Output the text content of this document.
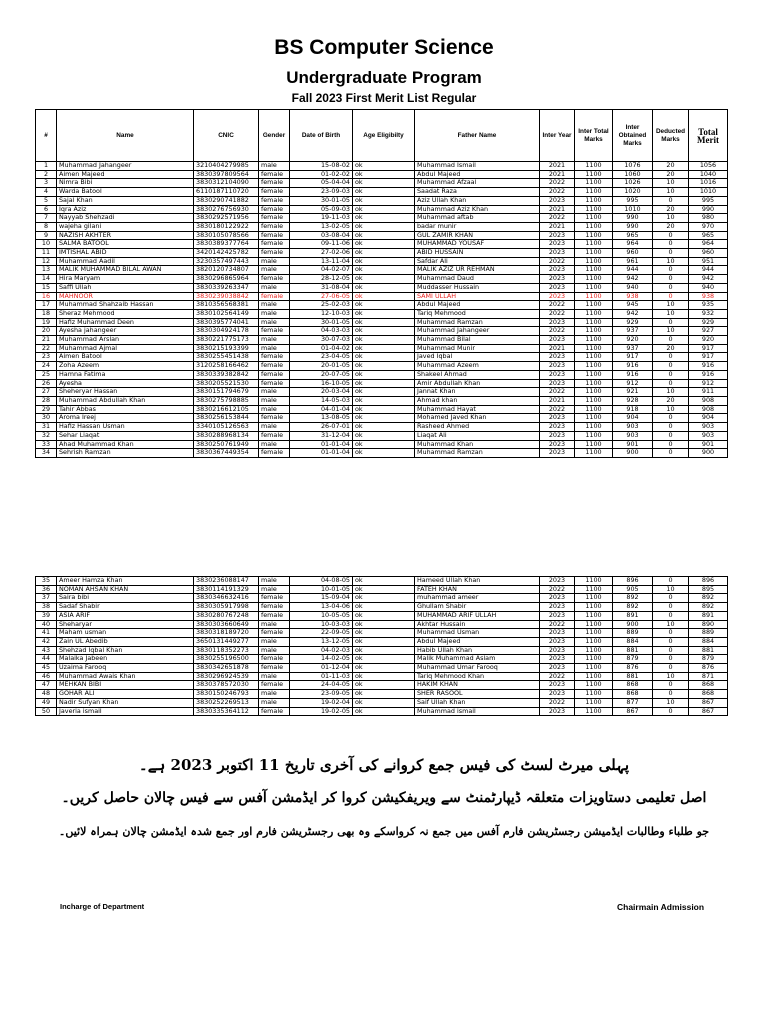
BS Computer Science
Undergraduate Program
Fall 2023 First Merit List Regular
#	Name	CNIC	Gender	Date of Birth	Age Eligibilty	Father Name	Inter Year	Inter Total Marks	Inter Obtained Marks	Deducted Marks	Total Merit
1	Muhammad Jahangeer	3210404279985	male	15-08-02	ok	Muhammad Ismail	2021	1100	1076	20	1056
2	Aimen Majeed	3830397809564	female	01-02-02	ok	Abdul Majeed	2021	1100	1060	20	1040
3	Nimra Bibi	3830312104090	female	05-04-04	ok	Muhammad Afzaal	2022	1100	1026	10	1016
4	Warda Batool	6110187110720	female	23-09-03	ok	Saadat Raza	2022	1100	1020	10	1010
5	Sajal Khan	3830290741882	female	30-01-05	ok	Aziz Ullah Khan	2023	1100	995	0	995
6	Iqra Aziz	3830276756930	female	05-09-03	ok	Muhammad Aziz Khan	2021	1100	1010	20	990
7	Nayyab Shehzadi	3830292571956	female	19-11-03	ok	Muhammad aftab	2022	1100	990	10	980
8	wajeha gilani	3830180122922	female	13-02-05	ok	badar munir	2021	1100	990	20	970
9	NAZISH AKHTER	3830105078566	female	03-08-04	ok	GUL ZAMIR KHAN	2023	1100	965	0	965
10	SALMA BATOOL	3830389377764	female	09-11-06	ok	MUHAMMAD YOUSAF	2023	1100	964	0	964
11	IMTISHAL ABID	3420142425782	female	27-02-06	ok	ABID HUSSAIN	2023	1100	960	0	960
12	Muhammad Aadil	3230357497443	male	13-11-04	ok	Safdar Ali	2022	1100	961	10	951
13	MALIK MUHAMMAD BILAL AWAN	3820120734807	male	04-02-07	ok	MALIK AZIZ UR REHMAN	2023	1100	944	0	944
14	Hira Maryam	3830296865964	female	28-12-05	ok	Muhammad Daud	2023	1100	942	0	942
15	Saffi Ullah	3830339263347	male	31-08-04	ok	Muddasser Hussain	2023	1100	940	0	940
16	MAHNOOR	3830239038842	female	27-06-05	ok	SAMI ULLAH	2023	1100	938	0	938
17	Muhammad Shahzaib Hassan	3810356568381	male	25-02-03	ok	Abdul Majeed	2022	1100	945	10	935
18	Sheraz Mehmood	3830102564149	male	12-10-03	ok	Tariq Mehmood	2022	1100	942	10	932
19	Hafiz Muhammad Deen	3830395774041	male	30-01-05	ok	Muhammad Ramzan	2023	1100	929	0	929
20	Ayesha jahangeer	3830304924178	female	04-03-03	ok	Muhammad Jahangeer	2022	1100	937	10	927
21	Muhammad Arslan	3830221775173	male	30-07-03	ok	Muhammad Bilal	2023	1100	920	0	920
22	Muhammad Ajmal	3830215193399	male	01-04-02	ok	Muhammad Munir	2021	1100	937	20	917
23	Aimen Batool	3830255451438	female	23-04-05	ok	Javed Iqbal	2023	1100	917	0	917
24	Zoha Azeem	3120258166462	female	20-01-05	ok	Muhammad Azeem	2023	1100	916	0	916
25	Hamna Fatima	3830339382842	female	20-07-05	ok	Shakeel Ahmad	2023	1100	916	0	916
26	Ayesha	3830205521530	female	16-10-05	ok	Amir Abdullah Khan	2023	1100	912	0	912
27	Sheheryar Hassan	3830151794679	male	20-03-04	ok	Jannat Khan	2022	1100	921	10	911
28	Muhammad Abdullah Khan	3830275798885	male	14-05-03	ok	Ahmad khan	2021	1100	928	20	908
29	Tahir Abbas	3830216612105	male	04-01-04	ok	Muhammad Hayat	2022	1100	918	10	908
30	Aroma Ireej	3830256153844	female	13-08-05	ok	Mohamed Javed Khan	2023	1100	904	0	904
31	Hafiz Hassan Usman	3340105126563	male	26-07-01	ok	Rasheed Ahmed	2023	1100	903	0	903
32	Sehar Liaqat	3830288968134	female	31-12-04	ok	Liaqat Ali	2023	1100	903	0	903
33	Ahad Muhammad Khan	3830250761949	male	01-01-04	ok	Muhammad Khan	2023	1100	901	0	901
34	Sehrish Ramzan	3830367449354	female	01-01-04	ok	Muhammad Ramzan	2023	1100	900	0	900
35	Ameer Hamza Khan	3830236088147	male	04-08-05	ok	Hameed Ullah Khan	2023	1100	896	0	896
36	NOMAN AHSAN KHAN	3830114191329	male	10-01-05	ok	FATEH KHAN	2022	1100	905	10	895
37	Saira bibi	3830346632416	female	15-09-04	ok	muhammad ameer	2023	1100	892	0	892
38	Sadaf Shabir	3830305917998	female	13-04-06	ok	Ghullam Shabir	2023	1100	892	0	892
39	ASIA ARIF	3830280767248	female	10-05-05	ok	MUHAMMAD ARIF ULLAH	2023	1100	891	0	891
40	Sheharyar	3830303660649	male	10-03-03	ok	Akhtar Hussain	2022	1100	900	10	890
41	Maham usman	3830318189720	female	22-09-05	ok	Muhammad Usman	2023	1100	889	0	889
42	Zain UL Abedib	3650131449277	male	13-12-05	ok	Abdul Majeed	2023	1100	884	0	884
43	Shehzad Iqbal Khan	3830118352273	male	04-02-03	ok	Habib Ullah Khan	2023	1100	881	0	881
44	Malaika Jabeen	3830255196500	female	14-02-05	ok	Malik Muhammad Aslam	2023	1100	879	0	879
45	Uzaima Farooq	3830342651878	female	01-12-04	ok	Muhammad Umar Farooq	2023	1100	876	0	876
46	Muhammad Awais Khan	3830296924539	male	01-11-03	ok	Tariq Mehmood Khan	2022	1100	881	10	871
47	MEHKAN BIBI	3830378572030	female	24-04-05	ok	HAKIM KHAN	2023	1100	868	0	868
48	GOHAR ALI	3830150246793	male	23-09-05	ok	SHER RASOOL	2023	1100	868	0	868
49	Nadir Sufyan Khan	3830252269513	male	19-02-04	ok	Saif Ullah Khan	2022	1100	877	10	867
50	Javeria ismail	3830335364112	female	19-02-05	ok	Muhammad ismail	2023	1100	867	0	867
پہلی میرٹ لسٹ کی فیس جمع کروانے کی آخری تاریخ 11 اکتوبر 2023 ہے۔
اصل تعلیمی دستاویزات متعلقہ ڈیپارٹمنٹ سے ویریفکیشن کروا کر ایڈمشن آفس سے فیس چالان حاصل کریں۔
جو طلباء وطالبات ایڈمیشن رجسٹریشن فارم آفس میں جمع نہ کرواسکے وہ بھی رجسٹریشن فارم اور جمع شدہ ایڈمشن چالان ہمراہ لائیں۔
Incharge of Department	Chairmain Admission
